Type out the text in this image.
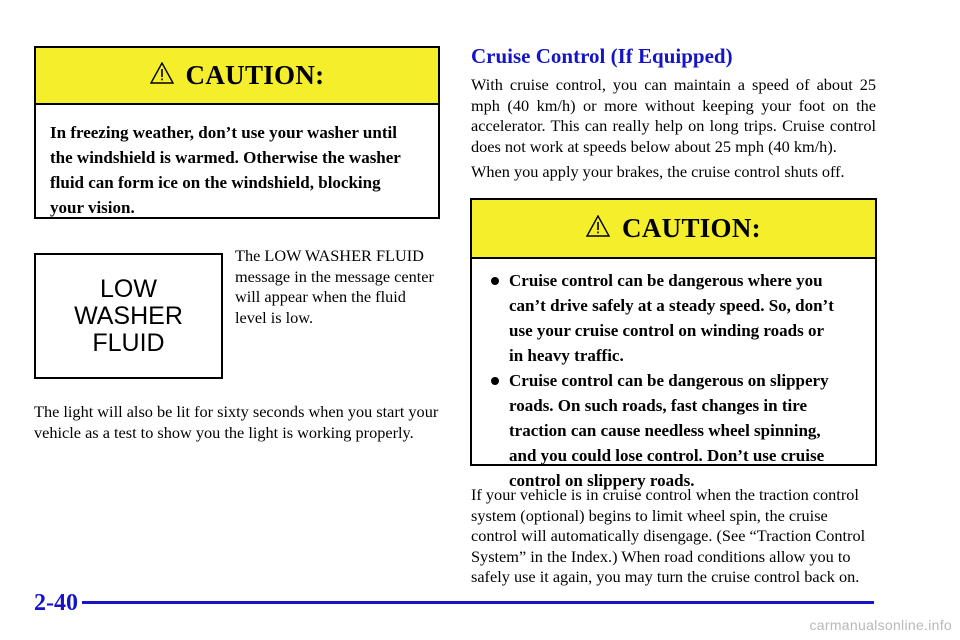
CAUTION:
In freezing weather, don’t use your washer until the windshield is warmed. Otherwise the washer fluid can form ice on the windshield, blocking your vision.
LOW
WASHER
FLUID

The LOW WASHER FLUID message in the message center will appear when the fluid level is low.

The light will also be lit for sixty seconds when you start your vehicle as a test to show you the light is working properly.

Cruise Control (If Equipped)

With cruise control, you can maintain a speed of about 25 mph (40 km/h) or more without keeping your foot on the accelerator. This can really help on long trips. Cruise control does not work at speeds below about 25 mph (40 km/h).

When you apply your brakes, the cruise control shuts off.

CAUTION:
Cruise control can be dangerous where you can’t drive safely at a steady speed. So, don’t use your cruise control on winding roads or in heavy traffic.
Cruise control can be dangerous on slippery roads. On such roads, fast changes in tire traction can cause needless wheel spinning, and you could lose control. Don’t use cruise control on slippery roads.

If your vehicle is in cruise control when the traction control system (optional) begins to limit wheel spin, the cruise control will automatically disengage. (See “Traction Control System” in the Index.) When road conditions allow you to safely use it again, you may turn the cruise control back on.

2-40
carmanualsonline.info
